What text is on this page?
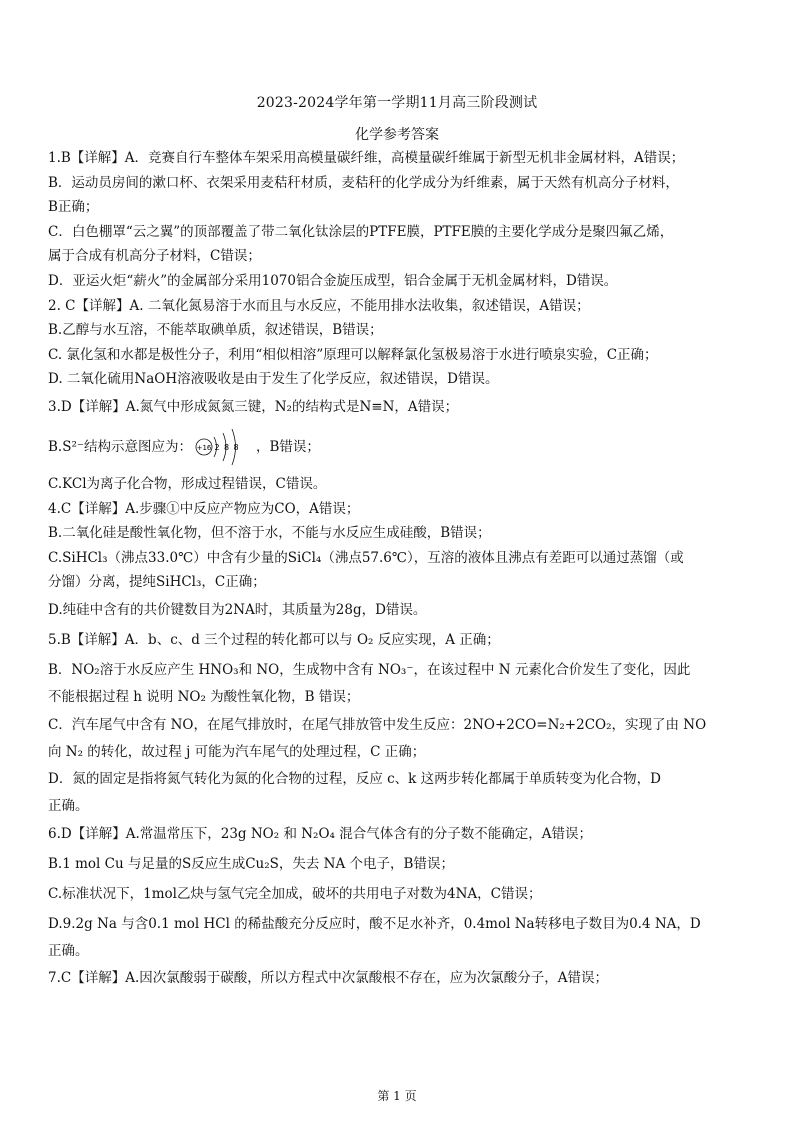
2023-2024学年第一学期11月高三阶段测试
化学参考答案
1.B【详解】A．竞赛自行车整体车架采用高模量碳纤维，高模量碳纤维属于新型无机非金属材料，A错误；
B．运动员房间的漱口杯、衣架采用麦秸秆材质，麦秸秆的化学成分为纤维素，属于天然有机高分子材料，
B正确；
C．白色棚罩“云之翼”的顶部覆盖了带二氧化钛涂层的PTFE膜，PTFE膜的主要化学成分是聚四氟乙烯，
属于合成有机高分子材料，C错误；
D．亚运火炬“薪火”的金属部分采用1070铝合金旋压成型，铝合金属于无机金属材料，D错误。
2. C【详解】A. 二氧化氮易溶于水而且与水反应，不能用排水法收集，叙述错误，A错误；
B.乙醇与水互溶，不能萃取碘单质，叙述错误，B错误；
C. 氯化氢和水都是极性分子，利用“相似相溶”原理可以解释氯化氢极易溶于水进行喷泉实验，C正确；
D. 二氧化硫用NaOH溶液吸收是由于发生了化学反应，叙述错误，D错误。
3.D【详解】A.氮气中形成氮氮三键，N₂的结构式是N≡N，A错误；
B.S²⁻结构示意图应为： +16 2 8 8 ，B错误；
C.KCl为离子化合物，形成过程错误，C错误。
4.C【详解】A.步骤①中反应产物应为CO，A错误；
B.二氧化硅是酸性氧化物，但不溶于水，不能与水反应生成硅酸，B错误；
C.SiHCl₃（沸点33.0℃）中含有少量的SiCl₄（沸点57.6℃），互溶的液体且沸点有差距可以通过蒸馏（或
分馏）分离，提纯SiHCl₃，C正确；
D.纯硅中含有的共价键数目为2NA时，其质量为28g，D错误。
5.B【详解】A．b、c、d 三个过程的转化都可以与 O₂ 反应实现，A 正确；
B．NO₂溶于水反应产生 HNO₃和 NO，生成物中含有 NO₃⁻，在该过程中 N 元素化合价发生了变化，因此
不能根据过程 h 说明 NO₂ 为酸性氧化物，B 错误；
C．汽车尾气中含有 NO，在尾气排放时，在尾气排放管中发生反应：2NO+2CO=N₂+2CO₂，实现了由 NO
向 N₂ 的转化，故过程 j 可能为汽车尾气的处理过程，C 正确；
D．氮的固定是指将氮气转化为氮的化合物的过程，反应 c、k 这两步转化都属于单质转变为化合物，D
正确。
6.D【详解】A.常温常压下，23g NO₂ 和 N₂O₄ 混合气体含有的分子数不能确定，A错误；
B.1 mol Cu 与足量的S反应生成Cu₂S，失去 NA 个电子，B错误；
C.标准状况下，1mol乙炔与氢气完全加成，破坏的共用电子对数为4NA，C错误；
D.9.2g Na 与含0.1 mol HCl 的稀盐酸充分反应时，酸不足水补齐，0.4mol Na转移电子数目为0.4 NA，D
正确。
7.C【详解】A.因次氯酸弱于碳酸，所以方程式中次氯酸根不存在，应为次氯酸分子，A错误；
第 1 页
